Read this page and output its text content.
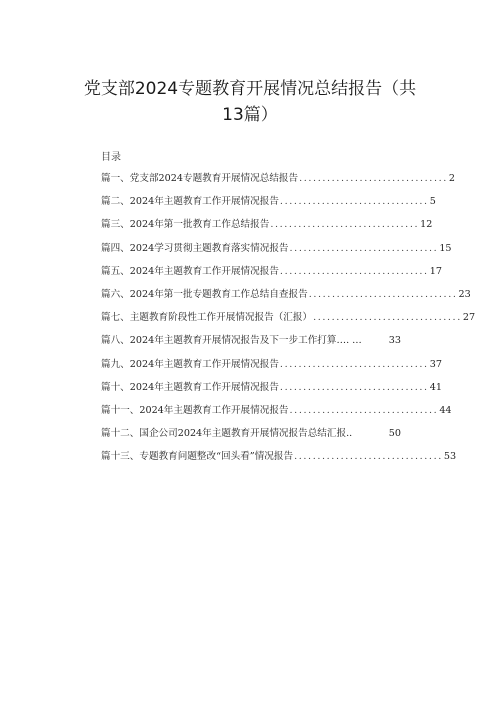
党支部2024专题教育开展情况总结报告（共
13篇）
目录
篇一、党支部2024专题教育开展情况总结报告 ................................ 2
篇二、2024年主题教育工作开展情况报告 ................................ 5
篇三、2024年第一批教育工作总结报告 ................................ 12
篇四、2024学习贯彻主题教育落实情况报告 ................................ 15
篇五、2024年主题教育工作开展情况报告 ................................ 17
篇六、2024年第一批专题教育工作总结自查报告 ................................ 23
篇七、主题教育阶段性工作开展情况报告（汇报） ................................ 27
篇八、2024年主题教育开展情况报告及下一步工作打算…. …	33
篇九、2024年主题教育工作开展情况报告 ................................ 37
篇十、2024年主题教育工作开展情况报告 ................................ 41
篇十一、2024年主题教育工作开展情况报告 ................................ 44
篇十二、国企公司2024年主题教育开展情况报告总结汇报..	50
篇十三、专题教育问题整改“回头看”情况报告 ................................ 53
